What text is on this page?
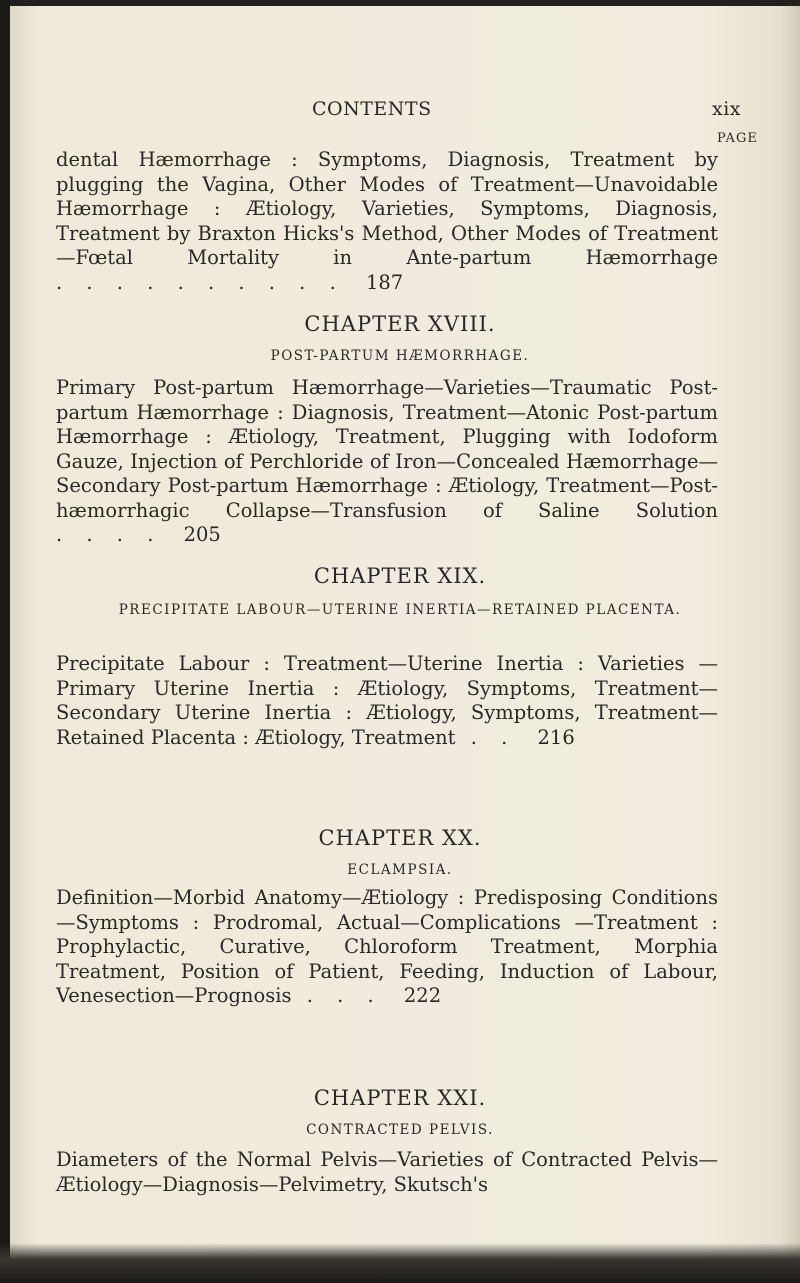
CONTENTS	xix
PAGE

dental Hæmorrhage : Symptoms, Diagnosis, Treatment by plugging the Vagina, Other Modes of Treatment—Unavoidable Hæmorrhage : Ætiology, Varieties, Symptoms, Diagnosis, Treatment by Braxton Hicks's Method, Other Modes of Treatment—Fœtal Mortality in Ante-partum Hæmorrhage . . . . . . . . . . 187

CHAPTER XVIII.
POST-PARTUM HÆMORRHAGE.

Primary Post-partum Hæmorrhage—Varieties—Traumatic Post-partum Hæmorrhage : Diagnosis, Treatment—Atonic Post-partum Hæmorrhage : Ætiology, Treatment, Plugging with Iodoform Gauze, Injection of Perchloride of Iron—Concealed Hæmorrhage—Secondary Post-partum Hæmorrhage : Ætiology, Treatment—Post-hæmorrhagic Collapse—Transfusion of Saline Solution . . . . 205

CHAPTER XIX.
PRECIPITATE LABOUR—UTERINE INERTIA—RETAINED PLACENTA.

Precipitate Labour : Treatment—Uterine Inertia : Varieties —Primary Uterine Inertia : Ætiology, Symptoms, Treatment—Secondary Uterine Inertia : Ætiology, Symptoms, Treatment—Retained Placenta : Ætiology, Treatment . . 216

CHAPTER XX.
ECLAMPSIA.

Definition—Morbid Anatomy—Ætiology : Predisposing Conditions—Symptoms : Prodromal, Actual—Complications —Treatment : Prophylactic, Curative, Chloroform Treatment, Morphia Treatment, Position of Patient, Feeding, Induction of Labour, Venesection—Prognosis . . . 222

CHAPTER XXI.
CONTRACTED PELVIS.

Diameters of the Normal Pelvis—Varieties of Contracted Pelvis—Ætiology—Diagnosis—Pelvimetry, Skutsch's
